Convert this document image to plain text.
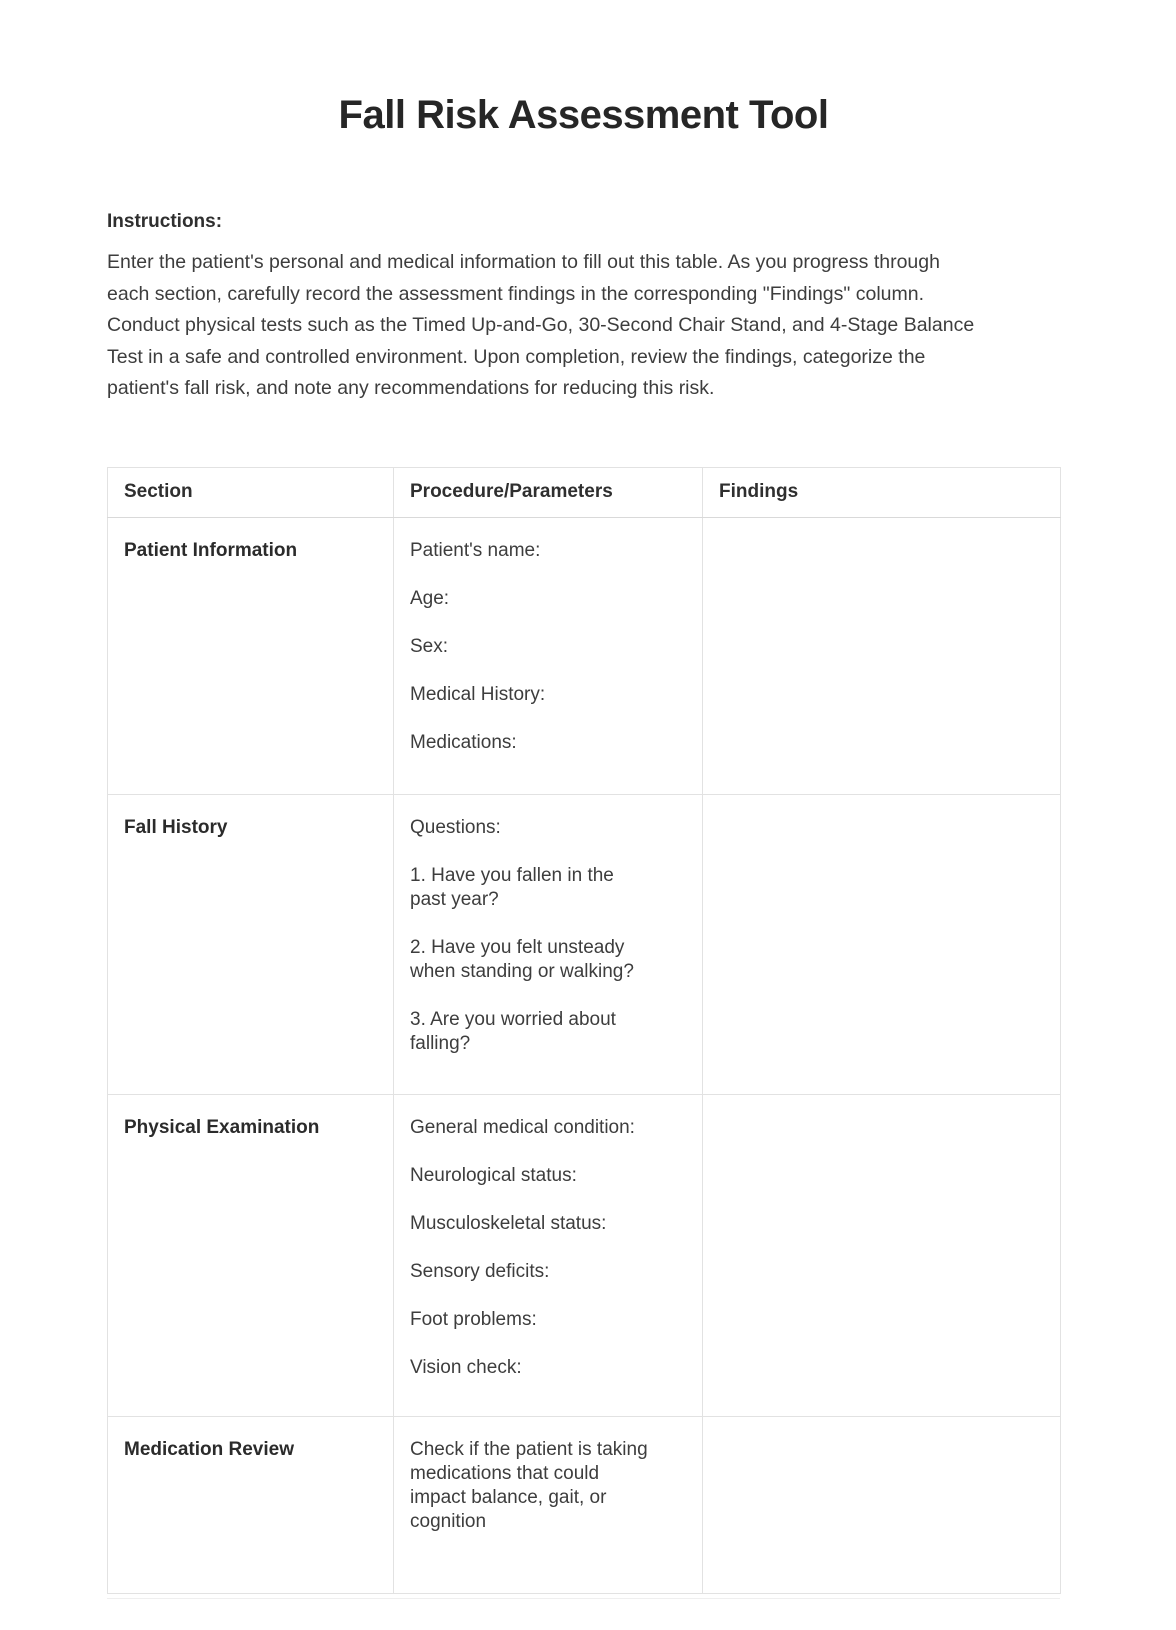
Fall Risk Assessment Tool
Instructions:

Enter the patient's personal and medical information to fill out this table. As you progress through each section, carefully record the assessment findings in the corresponding "Findings" column. Conduct physical tests such as the Timed Up-and-Go, 30-Second Chair Stand, and 4-Stage Balance Test in a safe and controlled environment. Upon completion, review the findings, categorize the patient's fall risk, and note any recommendations for reducing this risk.

Section	Procedure/Parameters	Findings
Patient Information	Patient's name:

Age:

Sex:

Medical History:

Medications:	

Fall History	Questions:

1. Have you fallen in the past year?

2. Have you felt unsteady when standing or walking?

3. Are you worried about falling?	

Physical Examination	General medical condition:

Neurological status:

Musculoskeletal status:

Sensory deficits:

Foot problems:

Vision check:

Medication Review	Check if the patient is taking medications that could impact balance, gait, or cognition	
